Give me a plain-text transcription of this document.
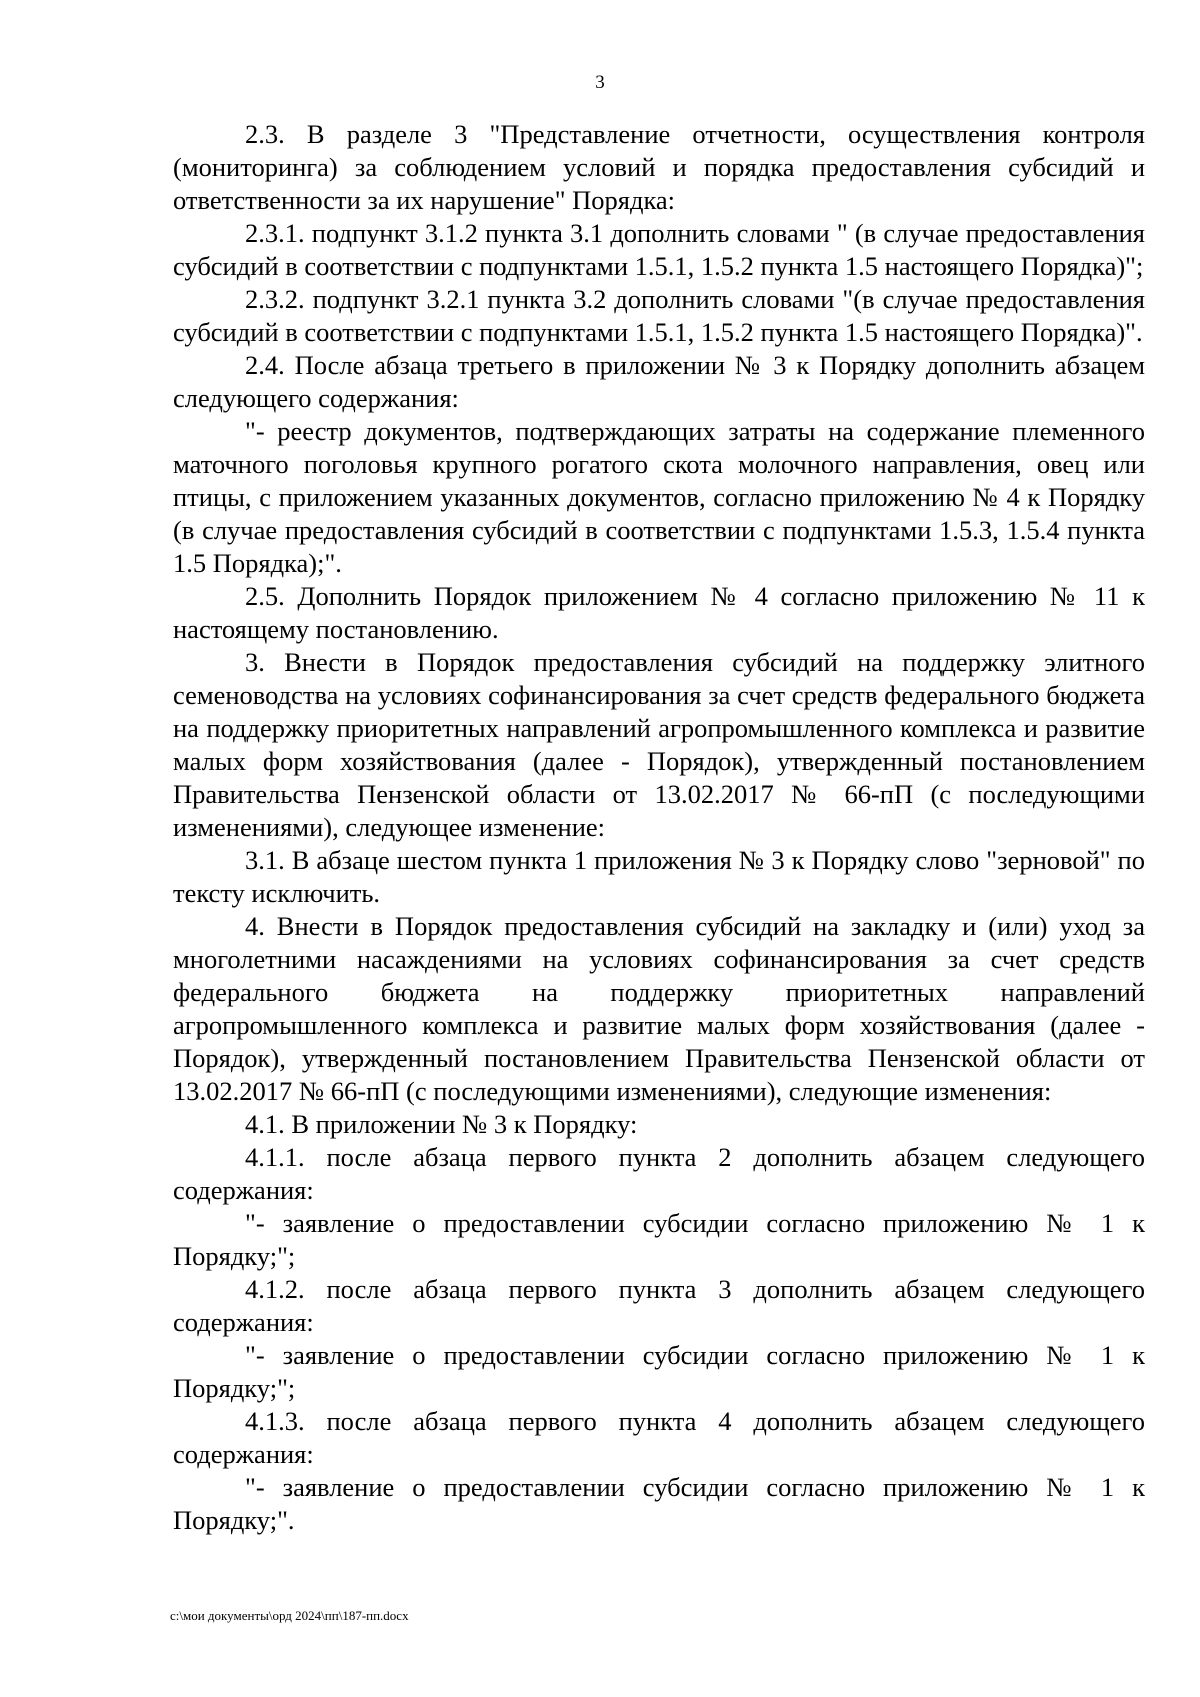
3

2.3. В разделе 3 "Представление отчетности, осуществления контроля (мониторинга) за соблюдением условий и порядка предоставления субсидий и ответственности за их нарушение" Порядка:

2.3.1. подпункт 3.1.2 пункта 3.1 дополнить словами " (в случае предоставления субсидий в соответствии с подпунктами 1.5.1, 1.5.2 пункта 1.5 настоящего Порядка)";

2.3.2. подпункт 3.2.1 пункта 3.2 дополнить словами "(в случае предоставления субсидий в соответствии с подпунктами 1.5.1, 1.5.2 пункта 1.5 настоящего Порядка)".

2.4. После абзаца третьего в приложении № 3 к Порядку дополнить абзацем следующего содержания:

"- реестр документов, подтверждающих затраты на содержание племенного маточного поголовья крупного рогатого скота молочного направления, овец или птицы, с приложением указанных документов, согласно приложению № 4 к Порядку (в случае предоставления субсидий в соответствии с подпунктами 1.5.3, 1.5.4 пункта 1.5 Порядка);".

2.5. Дополнить Порядок приложением № 4 согласно приложению № 11 к настоящему постановлению.

3. Внести в Порядок предоставления субсидий на поддержку элитного семеноводства на условиях софинансирования за счет средств федерального бюджета на поддержку приоритетных направлений агропромышленного комплекса и развитие малых форм хозяйствования (далее - Порядок), утвержденный постановлением Правительства Пензенской области от 13.02.2017 № 66-пП (с последующими изменениями), следующее изменение:

3.1. В абзаце шестом пункта 1 приложения № 3 к Порядку слово "зерновой" по тексту исключить.

4. Внести в Порядок предоставления субсидий на закладку и (или) уход за многолетними насаждениями на условиях софинансирования за счет средств федерального бюджета на поддержку приоритетных направлений агропромышленного комплекса и развитие малых форм хозяйствования (далее - Порядок), утвержденный постановлением Правительства Пензенской области от 13.02.2017 № 66-пП (с последующими изменениями), следующие изменения:

4.1. В приложении № 3 к Порядку:

4.1.1. после абзаца первого пункта 2 дополнить абзацем следующего содержания:

"- заявление о предоставлении субсидии согласно приложению № 1 к Порядку;";

4.1.2. после абзаца первого пункта 3 дополнить абзацем следующего содержания:

"- заявление о предоставлении субсидии согласно приложению № 1 к Порядку;";

4.1.3. после абзаца первого пункта 4 дополнить абзацем следующего содержания:

"- заявление о предоставлении субсидии согласно приложению № 1 к Порядку;".

c:\мои документы\орд 2024\пп\187-пп.docx
